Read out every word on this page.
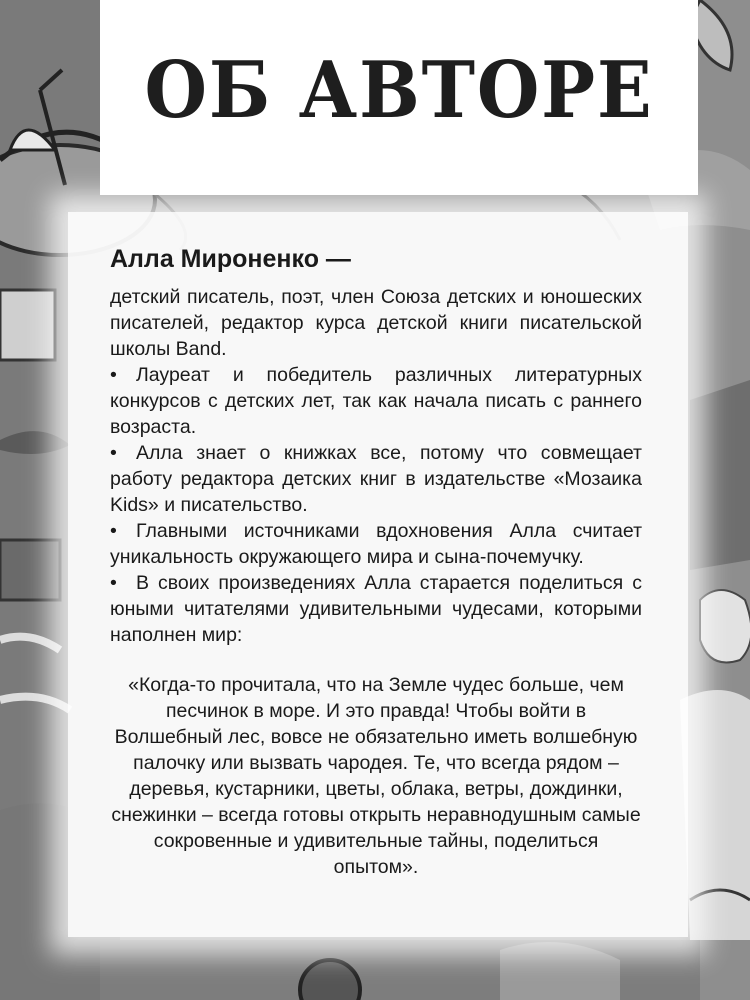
ОБ АВТОРЕ

Алла Мироненко —

детский писатель, поэт, член Союза детских и юношеских писателей, редактор курса детской книги писательской школы Band.

• Лауреат и победитель различных литературных конкурсов с детских лет, так как начала писать с раннего возраста.

• Алла знает о книжках все, потому что совмещает работу редактора детских книг в издательстве «Мозаика Kids» и писательство.

• Главными источниками вдохновения Алла считает уникальность окружающего мира и сына-почемучку.

• В своих произведениях Алла старается поделиться с юными читателями удивительными чудесами, которыми наполнен мир:

«Когда-то прочитала, что на Земле чудес больше, чем песчинок в море. И это правда! Чтобы войти в Волшебный лес, вовсе не обязательно иметь волшебную палочку или вызвать чародея. Те, что всегда рядом – деревья, кустарники, цветы, облака, ветры, дождинки, снежинки – всегда готовы открыть неравнодушным самые сокровенные и удивительные тайны, поделиться опытом».
